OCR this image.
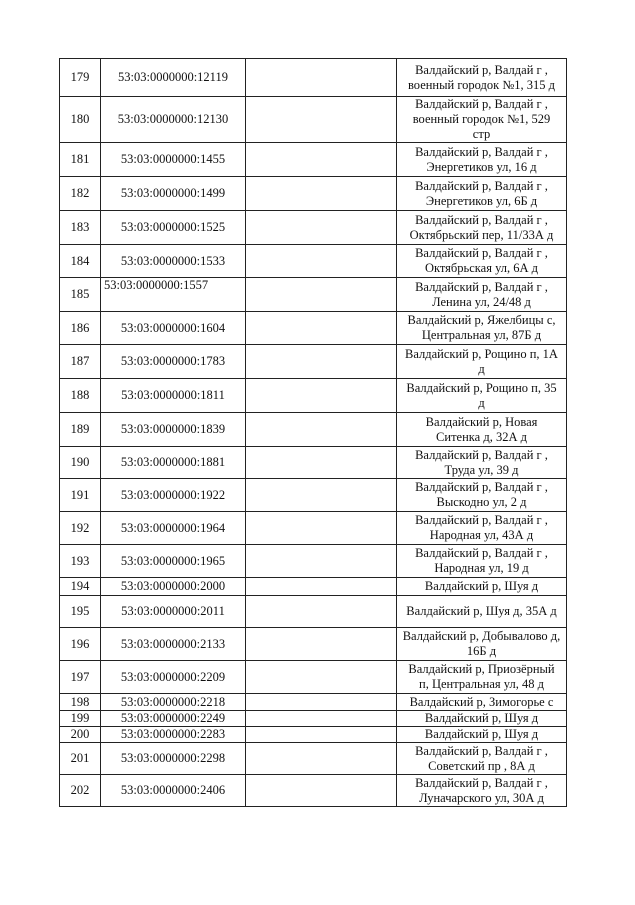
179	53:03:0000000:12119		Валдайский р, Валдай г ,
военный городок №1, 315 д

180	53:03:0000000:12130		Валдайский р, Валдай г ,
военный городок №1, 529
стр

181	53:03:0000000:1455		Валдайский р, Валдай г ,
Энергетиков ул, 16 д

182	53:03:0000000:1499		Валдайский р, Валдай г ,
Энергетиков ул, 6Б д

183	53:03:0000000:1525		Валдайский р, Валдай г ,
Октябрьский пер, 11/33А д

184	53:03:0000000:1533		Валдайский р, Валдай г ,
Октябрьская ул, 6А д

185	53:03:0000000:1557		Валдайский р, Валдай г ,
Ленина ул, 24/48 д

186	53:03:0000000:1604		Валдайский р, Яжелбицы с,
Центральная ул, 87Б д

187	53:03:0000000:1783		Валдайский р, Рощино п, 1А
д

188	53:03:0000000:1811		Валдайский р, Рощино п, 35
д

189	53:03:0000000:1839		Валдайский р, Новая
Ситенка д, 32А д

190	53:03:0000000:1881		Валдайский р, Валдай г ,
Труда ул, 39 д

191	53:03:0000000:1922		Валдайский р, Валдай г ,
Выскодно ул, 2 д

192	53:03:0000000:1964		Валдайский р, Валдай г ,
Народная ул, 43А д

193	53:03:0000000:1965		Валдайский р, Валдай г ,
Народная ул, 19 д

194	53:03:0000000:2000		Валдайский р, Шуя д

195	53:03:0000000:2011		Валдайский р, Шуя д, 35А д

196	53:03:0000000:2133		Валдайский р, Добывалово д,
16Б д

197	53:03:0000000:2209		Валдайский р, Приозёрный
п, Центральная ул, 48 д

198	53:03:0000000:2218		Валдайский р, Зимогорье с

199	53:03:0000000:2249		Валдайский р, Шуя д

200	53:03:0000000:2283		Валдайский р, Шуя д

201	53:03:0000000:2298		Валдайский р, Валдай г ,
Советский пр , 8А д

202	53:03:0000000:2406		Валдайский р, Валдай г ,
Луначарского ул, 30А д
